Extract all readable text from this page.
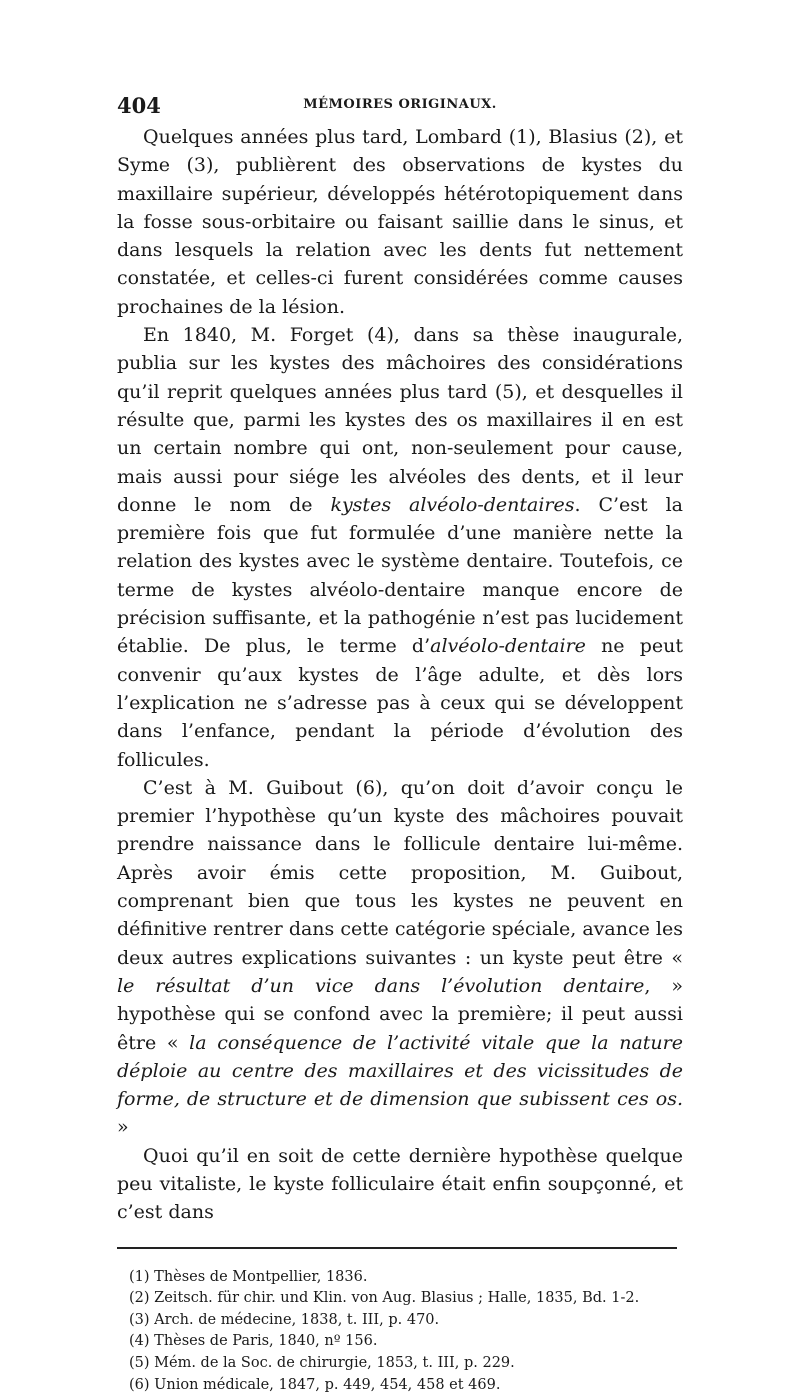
404	MÉMOIRES ORIGINAUX.

Quelques années plus tard, Lombard (1), Blasius (2), et Syme (3), publièrent des observations de kystes du maxillaire supérieur, développés hétérotopiquement dans la fosse sous-orbitaire ou faisant saillie dans le sinus, et dans lesquels la relation avec les dents fut nettement constatée, et celles-ci furent considérées comme causes prochaines de la lésion.

En 1840, M. Forget (4), dans sa thèse inaugurale, publia sur les kystes des mâchoires des considérations qu’il reprit quelques années plus tard (5), et desquelles il résulte que, parmi les kystes des os maxillaires il en est un certain nombre qui ont, non-seulement pour cause, mais aussi pour siége les alvéoles des dents, et il leur donne le nom de kystes alvéolo-dentaires. C’est la première fois que fut formulée d’une manière nette la relation des kystes avec le système dentaire. Toutefois, ce terme de kystes alvéolo-dentaire manque encore de précision suffisante, et la pathogénie n’est pas lucidement établie. De plus, le terme d’alvéolo-dentaire ne peut convenir qu’aux kystes de l’âge adulte, et dès lors l’explication ne s’adresse pas à ceux qui se développent dans l’enfance, pendant la période d’évolution des follicules.

C’est à M. Guibout (6), qu’on doit d’avoir conçu le premier l’hypothèse qu’un kyste des mâchoires pouvait prendre naissance dans le follicule dentaire lui-même. Après avoir émis cette proposition, M. Guibout, comprenant bien que tous les kystes ne peuvent en définitive rentrer dans cette catégorie spéciale, avance les deux autres explications suivantes : un kyste peut être « le résultat d’un vice dans l’évolution dentaire, » hypothèse qui se confond avec la première; il peut aussi être « la conséquence de l’activité vitale que la nature déploie au centre des maxillaires et des vicissitudes de forme, de structure et de dimension que subissent ces os. »

Quoi qu’il en soit de cette dernière hypothèse quelque peu vitaliste, le kyste folliculaire était enfin soupçonné, et c’est dans

(1) Thèses de Montpellier, 1836.
(2) Zeitsch. für chir. und Klin. von Aug. Blasius ; Halle, 1835, Bd. 1-2.
(3) Arch. de médecine, 1838, t. III, p. 470.
(4) Thèses de Paris, 1840, nº 156.
(5) Mém. de la Soc. de chirurgie, 1853, t. III, p. 229.
(6) Union médicale, 1847, p. 449, 454, 458 et 469.
